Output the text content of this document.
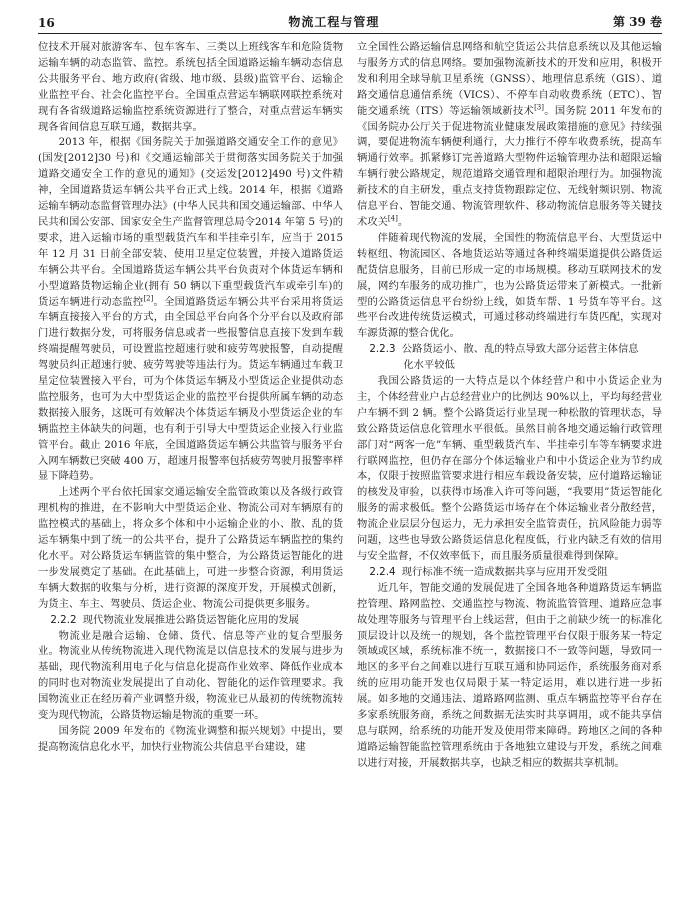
16	物流工程与管理	第 39 卷

位技术开展对旅游客车、包车客车、三类以上班线客车和危险货物运输车辆的动态监管、监控。系统包括全国道路运输车辆动态信息公共服务平台、地方政府(省级、地市级、县级)监管平台、运输企业监控平台、社会化监控平台。全国重点营运车辆联网联控系统对现有各省级道路运输监控系统资源进行了整合，对重点营运车辆实现各省间信息互联互通，数据共享。

2013 年，根据《国务院关于加强道路交通安全工作的意见》(国发[2012]30 号)和《交通运输部关于贯彻落实国务院关于加强道路交通安全工作的意见的通知》(交运发[2012]490 号)文件精神，全国道路货运车辆公共平台正式上线。2014 年，根据《道路运输车辆动态监督管理办法》(中华人民共和国交通运输部、中华人民共和国公安部、国家安全生产监督管理总局令2014 年第 5 号)的要求，进入运输市场的重型载货汽车和半挂牵引车，应当于 2015 年 12 月 31 日前全部安装、使用卫星定位装置，并接入道路货运车辆公共平台。全国道路货运车辆公共平台负责对个体货运车辆和小型道路货物运输企业(拥有 50 辆以下重型载货汽车或牵引车)的货运车辆进行动态监控[2]。全国道路货运车辆公共平台采用将货运车辆直接接入平台的方式，由全国总平台向各个分平台以及政府部门进行数据分发，可将服务信息或者一些报警信息直接下发到车载终端提醒驾驶员，可设置监控超速行驶和疲劳驾驶报警，自动提醒驾驶员纠正超速行驶、疲劳驾驶等违法行为。货运车辆通过车载卫星定位装置接入平台，可为个体货运车辆及小型货运企业提供动态监控服务，也可为大中型货运企业的监控平台提供所属车辆的动态数据接入服务，这既可有效解决个体货运车辆及小型货运企业的车辆监控主体缺失的问题，也有利于引导大中型货运企业接入行业监管平台。截止 2016 年底，全国道路货运车辆公共监管与服务平台入网车辆数已突破 400 万，超速月报警率包括疲劳驾驶月报警率样显下降趋势。

上述两个平台依托国家交通运输安全监管政策以及各级行政管理机构的推进，在不影响大中型货运企业、物流公司对车辆原有的监控模式的基础上，将众多个体和中小运输企业的小、散、乱的货运车辆集中到了统一的公共平台，提升了公路货运车辆监控的集约化水平。对公路货运车辆监管的集中整合，为公路货运智能化的进一步发展奠定了基础。在此基础上，可进一步整合资源，利用货运车辆大数据的收集与分析，进行资源的深度开发，开展模式创新，为货主、车主、驾驶员、货运企业、物流公司提供更多服务。

2.2.2 现代物流业发展推进公路货运智能化应用的发展

物流业是融合运输、仓储、货代、信息等产业的复合型服务业。物流业从传统物流进入现代物流是以信息技术的发展与进步为基础，现代物流利用电子化与信息化提高作业效率、降低作业成本的同时也对物流业发展提出了自动化、智能化的运作管理要求。我国物流业正在经历着产业调整升级，物流业已从最初的传统物流转变为现代物流，公路货物运输是物流的重要一环。

国务院 2009 年发布的《物流业调整和振兴规划》中提出，要提高物流信息化水平，加快行业物流公共信息平台建设，建

立全国性公路运输信息网络和航空货运公共信息系统以及其他运输与服务方式的信息网络。要加强物流新技术的开发和应用，积极开发和利用全球导航卫星系统（GNSS）、地理信息系统（GIS）、道路交通信息通信系统（VICS）、不停车自动收费系统（ETC）、智能交通系统（ITS）等运输领域新技术[3]。国务院 2011 年发布的《国务院办公厅关于促进物流业健康发展政策措施的意见》持续强调，要促进物流车辆便利通行，大力推行不停车收费系统，提高车辆通行效率。抓紧修订完善道路大型物件运输管理办法和超限运输车辆行驶公路规定，规范道路交通管理和超限治理行为。加强物流新技术的自主研发，重点支持货物跟踪定位、无线射频识别、物流信息平台、智能交通、物流管理软件、移动物流信息服务等关键技术攻关[4]。

伴随着现代物流的发展，全国性的物流信息平台、大型货运中转枢纽、物流园区、各地货运站等通过各种终端渠道提供公路货运配货信息服务，目前已形成一定的市场规模。移动互联网技术的发展，网约车服务的成功推广，也为公路货运带来了新模式。一批新型的公路货运信息平台纷纷上线，如货车帮、1 号货车等平台。这些平台改进传统货运模式，可通过移动终端进行车货匹配，实现对车源货源的整合优化。

2.2.3 公路货运小、散、乱的特点导致大部分运营主体信息
化水平较低

我国公路货运的一大特点是以个体经营户和中小货运企业为主，个体经营业户占总经营业户的比例达 90%以上，平均每经营业户车辆不到 2 辆。整个公路货运行业呈现一种松散的管理状态，导致公路货运信息化管理水平很低。虽然目前各地交通运输行政管理部门对“两客一危”车辆、重型载货汽车、半挂牵引车等车辆要求进行联网监控，但仍存在部分个体运输业户和中小货运企业为节约成本，仅限于按照监管要求进行相应车载设备安装，应付道路运输证的核发及审验，以获得市场准入许可等问题，“我要用”货运智能化服务的需求极低。整个公路货运市场存在个体运输业者分散经营，物流企业层层分包运力，无力承担安全监管责任，抗风险能力弱等问题，这些也导致公路货运信息化程度低，行业内缺乏有效的信用与安全监督，不仅效率低下，而且服务质量很难得到保障。

2.2.4 现行标准不统一造成数据共享与应用开发受阻

近几年，智能交通的发展促进了全国各地各种道路货运车辆监控管理、路网监控、交通监控与物流、物流监管管理、道路应急事故处理等服务与管理平台上线运营，但由于之前缺少统一的标准化顶层设计以及统一的规划，各个监控管理平台仅限于服务某一特定领域或区域，系统标准不统一，数据接口不一致等问题，导致同一地区的多平台之间难以进行互联互通和协同运作，系统服务商对系统的应用功能开发也仅局限于某一特定运用，难以进行进一步拓展。如多地的交通违法、道路路网监测、重点车辆监控等平台存在多家系统服务商，系统之间数据无法实时共享调用，或不能共享信息与联网，给系统的功能开发及使用带来障碍。跨地区之间的各种道路运输智能监控管理系统由于各地独立建设与开发，系统之间难以进行对接，开展数据共享，也缺乏相应的数据共享机制。
